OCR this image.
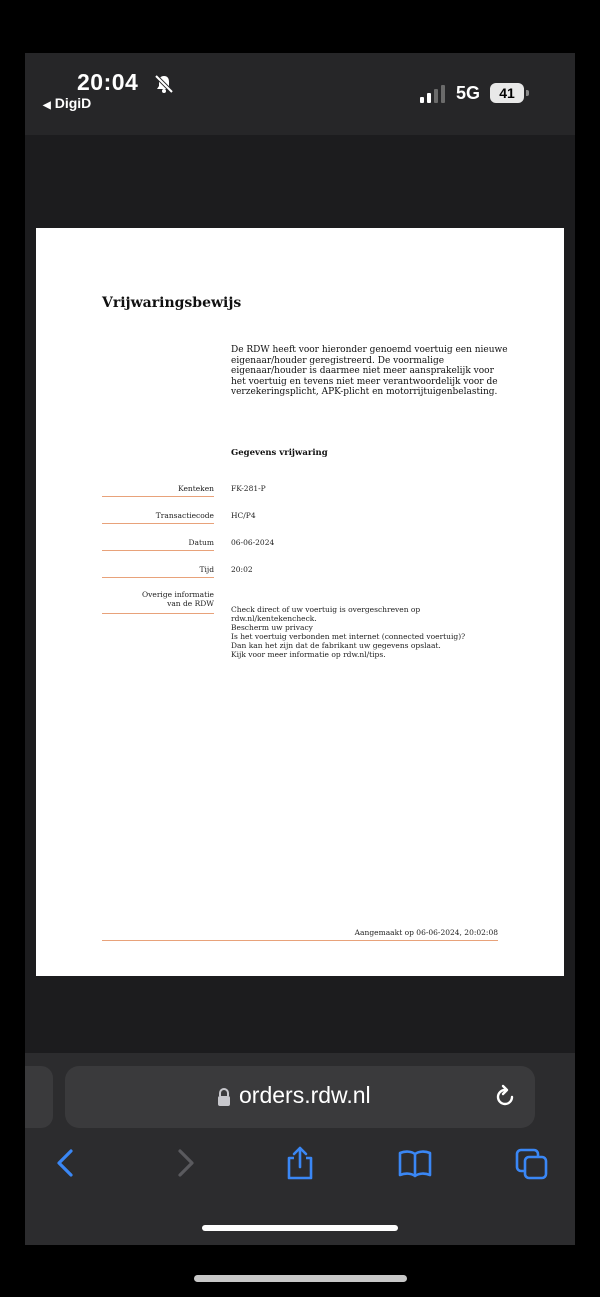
20:04
◀ DigiD	5G	41
Vrijwaringsbewijs
De RDW heeft voor hieronder genoemd voertuig een nieuwe eigenaar/houder geregistreerd. De voormalige eigenaar/houder is daarmee niet meer aansprakelijk voor het voertuig en tevens niet meer verantwoordelijk voor de verzekeringsplicht, APK-plicht en motorrijtuigenbelasting.
Gegevens vrijwaring
Kenteken FK-281-P
Transactiecode HC/P4
Datum 06-06-2024
Tijd 20:02
Overige informatie
van de RDW
Check direct of uw voertuig is overgeschreven op
rdw.nl/kentekencheck.
Bescherm uw privacy
Is het voertuig verbonden met internet (connected voertuig)?
Dan kan het zijn dat de fabrikant uw gegevens opslaat.
Kijk voor meer informatie op rdw.nl/tips.
Aangemaakt op 06-06-2024, 20:02:08
orders.rdw.nl
